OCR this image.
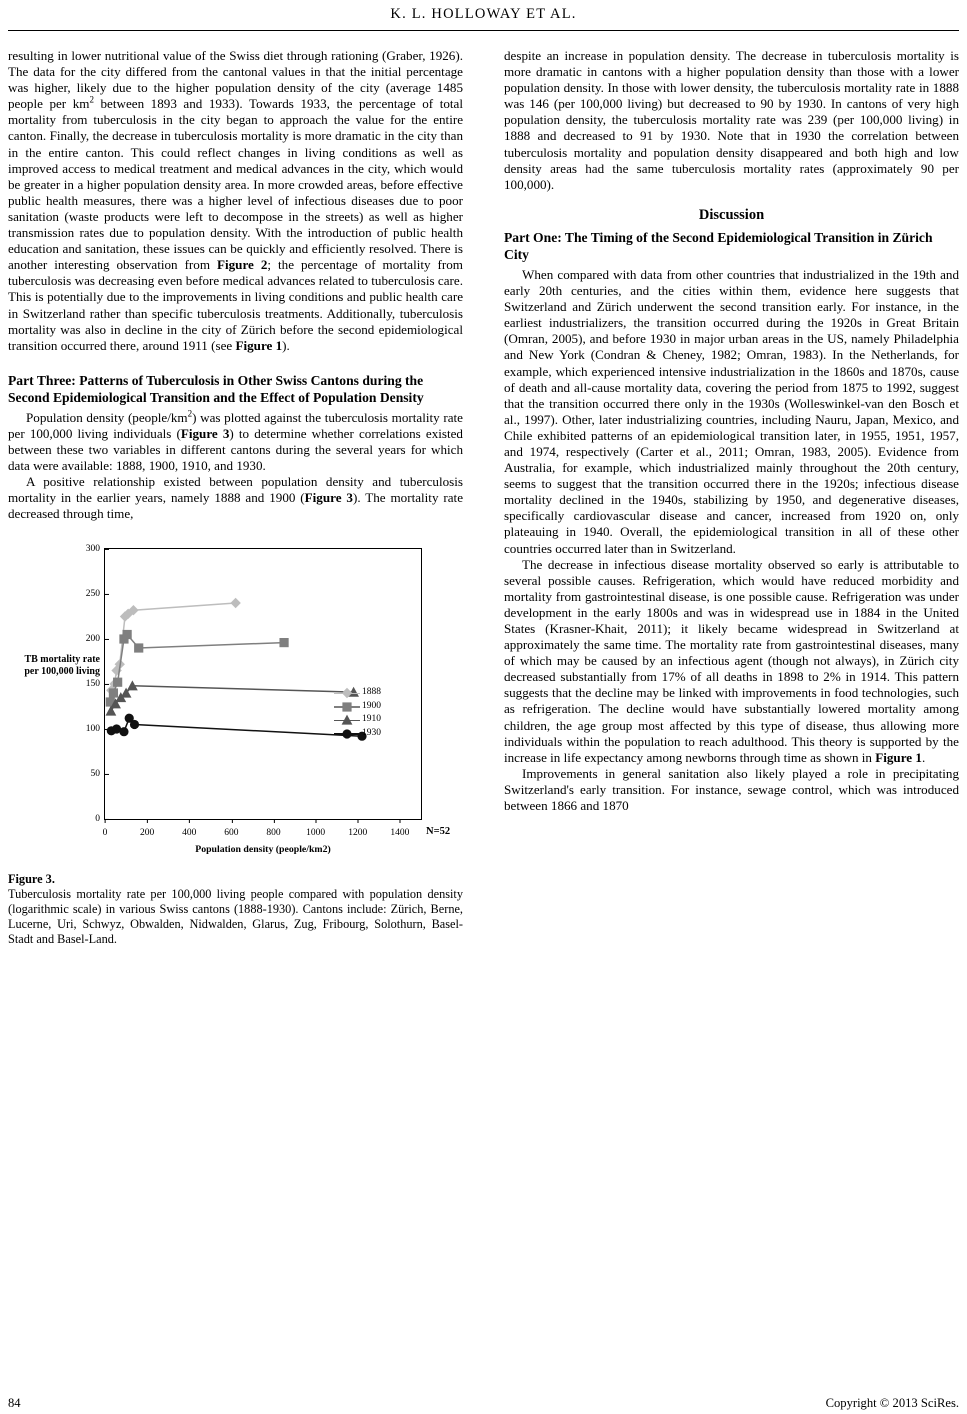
K. L. HOLLOWAY ET AL.

resulting in lower nutritional value of the Swiss diet through rationing (Graber, 1926). The data for the city differed from the cantonal values in that the initial percentage was higher, likely due to the higher population density of the city (average 1485 people per $km^2$ between 1893 and 1933). Towards 1933, the percentage of total mortality from tuberculosis in the city began to approach the value for the entire canton. Finally, the decrease in tuberculosis mortality is more dramatic in the city than in the entire canton. This could reflect changes in living conditions as well as improved access to medical treatment and medical advances in the city, which would be greater in a higher population density area. In more crowded areas, before effective public health measures, there was a higher level of infectious diseases due to poor sanitation (waste products were left to decompose in the streets) as well as higher transmission rates due to population density. With the introduction of public health education and sanitation, these issues can be quickly and efficiently resolved. There is another interesting observation from Figure 2; the percentage of mortality from tuberculosis was decreasing even before medical advances related to tuberculosis care. This is potentially due to the improvements in living conditions and public health care in Switzerland rather than specific tuberculosis treatments. Additionally, tuberculosis mortality was also in decline in the city of Zürich before the second epidemiological transition occurred there, around 1911 (see Figure 1).

Part Three: Patterns of Tuberculosis in Other Swiss Cantons during the Second Epidemiological Transition and the Effect of Population Density

Population density $(people/km^2)$ was plotted against the tuberculosis mortality rate per 100,000 living individuals (Figure 3) to determine whether correlations existed between these two variables in different cantons during the several years for which data were available: 1888, 1900, 1910, and 1930.

A positive relationship existed between population density and tuberculosis mortality in the earlier years, namely 1888 and 1900 (Figure 3). The mortality rate decreased through time,

TB mortality rate per 100,000 living
0
50
100
150
200
250
300
0	200	400	600	800	1000 1200 1400
Population density (people/km2)
N=52
1888
1900
1910
1930
Figure 3.
Tuberculosis mortality rate per 100,000 living people compared with population density (logarithmic scale) in various Swiss cantons (1888-1930). Cantons include: Zürich, Berne, Lucerne, Uri, Schwyz, Obwalden, Nidwalden, Glarus, Zug, Fribourg, Solothurn, Basel-Stadt and Basel-Land.

despite an increase in population density. The decrease in tuberculosis mortality is more dramatic in cantons with a higher population density than those with a lower population density. In those with lower density, the tuberculosis mortality rate in 1888 was 146 (per 100,000 living) but decreased to 90 by 1930. In cantons of very high population density, the tuberculosis mortality rate was 239 (per 100,000 living) in 1888 and decreased to 91 by 1930. Note that in 1930 the correlation between tuberculosis mortality and population density disappeared and both high and low density areas had the same tuberculosis mortality rates (approximately 90 per 100,000).

Discussion
Part One: The Timing of the Second Epidemiological Transition in Zürich City

When compared with data from other countries that industrialized in the 19th and early 20th centuries, and the cities within them, evidence here suggests that Switzerland and Zürich underwent the second transition early. For instance, in the earliest industrializers, the transition occurred during the 1920s in Great Britain (Omran, 2005), and before 1930 in major urban areas in the US, namely Philadelphia and New York (Condran & Cheney, 1982; Omran, 1983). In the Netherlands, for example, which experienced intensive industrialization in the 1860s and 1870s, cause of death and all-cause mortality data, covering the period from 1875 to 1992, suggest that the transition occurred there only in the 1930s (Wolleswinkel-van den Bosch et al., 1997). Other, later industrializing countries, including Nauru, Japan, Mexico, and Chile exhibited patterns of an epidemiological transition later, in 1955, 1951, 1957, and 1974, respectively (Carter et al., 2011; Omran, 1983, 2005). Evidence from Australia, for example, which industrialized mainly throughout the 20th century, seems to suggest that the transition occurred there in the 1920s; infectious disease mortality declined in the 1940s, stabilizing by 1950, and degenerative diseases, specifically cardiovascular disease and cancer, increased from 1920 on, only plateauing in 1940. Overall, the epidemiological transition in all of these other countries occurred later than in Switzerland.

The decrease in infectious disease mortality observed so early is attributable to several possible causes. Refrigeration, which would have reduced morbidity and mortality from gastrointestinal disease, is one possible cause. Refrigeration was under development in the early 1800s and was in widespread use in 1884 in the United States (Krasner-Khait, 2011); it likely became widespread in Switzerland at approximately the same time. The mortality rate from gastrointestinal diseases, many of which may be caused by an infectious agent (though not always), in Zürich city decreased substantially from 17% of all deaths in 1898 to 2% in 1914. This pattern suggests that the decline may be linked with improvements in food technologies, such as refrigeration. The decline would have substantially lowered mortality among children, the age group most affected by this type of disease, thus allowing more individuals within the population to reach adulthood. This theory is supported by the increase in life expectancy among newborns through time as shown in Figure 1.

Improvements in general sanitation also likely played a role in precipitating Switzerland's early transition. For instance, sewage control, which was introduced between 1866 and 1870

84	Copyright © 2013 SciRes.
